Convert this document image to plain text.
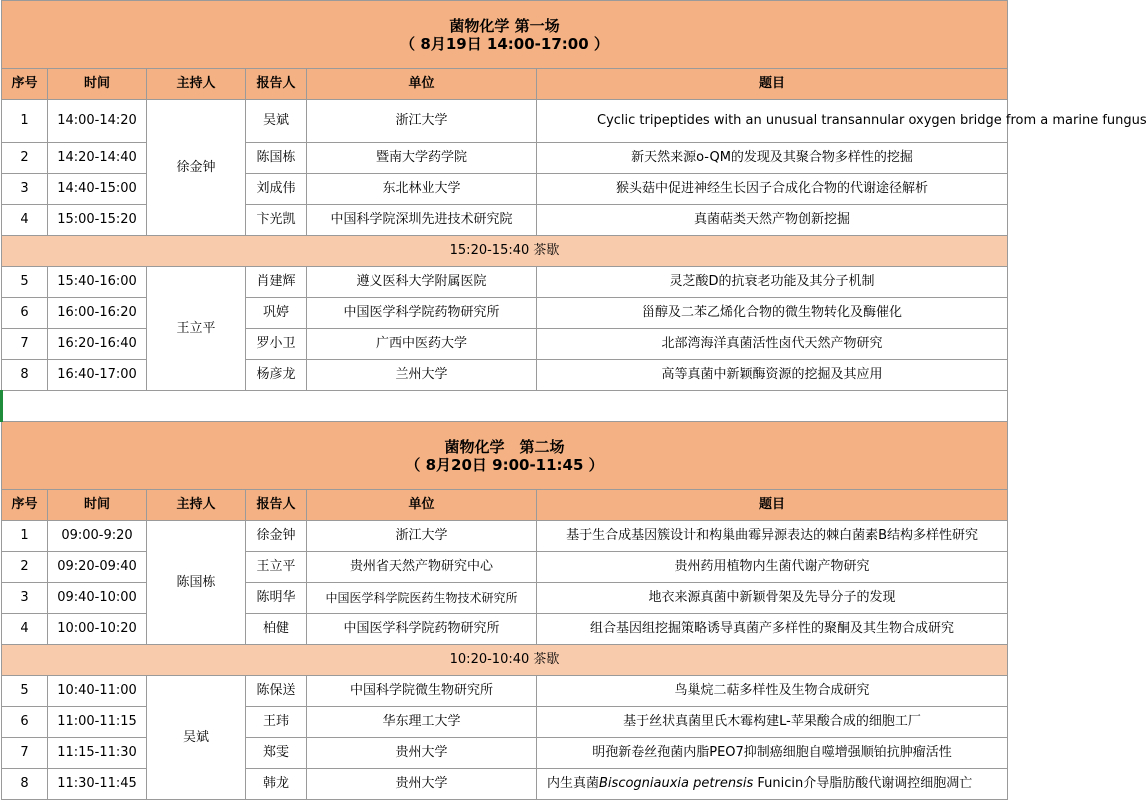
菌物化学 第一场
（ 8月19日 14:00-17:00 ）					

序号	时间	主持人	报告人	单位	题目
1	14:00-14:20	徐金钟	吴斌	浙江大学	Cyclic tripeptides with an unusual transannular oxygen bridge from a marine fungus
2	14:20-14:40		陈国栋	暨南大学药学院	新天然来源o-QM的发现及其聚合物多样性的挖掘
3	14:40-15:00		刘成伟	东北林业大学	猴头菇中促进神经生长因子合成化合物的代谢途径解析
4	15:00-15:20		卞光凯	中国科学院深圳先进技术研究院	真菌萜类天然产物创新挖掘
15:20-15:40 茶歇					
5	15:40-16:00	王立平	肖建辉	遵义医科大学附属医院	灵芝酸D的抗衰老功能及其分子机制
6	16:00-16:20		巩婷	中国医学科学院药物研究所	甾醇及二苯乙烯化合物的微生物转化及酶催化
7	16:20-16:40		罗小卫	广西中医药大学	北部湾海洋真菌活性卤代天然产物研究
8	16:40-17:00		杨彦龙	兰州大学	高等真菌中新颖酶资源的挖掘及其应用

菌物化学　第二场
（ 8月20日 9:00-11:45 ）					

序号	时间	主持人	报告人	单位	题目
1	09:00-9:20	陈国栋	徐金钟	浙江大学	基于生合成基因簇设计和构巢曲霉异源表达的棘白菌素B结构多样性研究
2	09:20-09:40		王立平	贵州省天然产物研究中心	贵州药用植物内生菌代谢产物研究
3	09:40-10:00		陈明华	中国医学科学院医药生物技术研究所	地衣来源真菌中新颖骨架及先导分子的发现
4	10:00-10:20		柏健	中国医学科学院药物研究所	组合基因组挖掘策略诱导真菌产多样性的聚酮及其生物合成研究
10:20-10:40 茶歇					
5	10:40-11:00	吴斌	陈保送	中国科学院微生物研究所	鸟巢烷二萜多样性及生物合成研究
6	11:00-11:15		王玮	华东理工大学	基于丝状真菌里氏木霉构建L-苹果酸合成的细胞工厂
7	11:15-11:30		郑雯	贵州大学	明孢新卷丝孢菌内脂PEO7抑制癌细胞自噬增强顺铂抗肿瘤活性
8	11:30-11:45		韩龙	贵州大学	内生真菌Biscogniauxia petrensis Funicin介导脂肪酸代谢调控细胞凋亡
